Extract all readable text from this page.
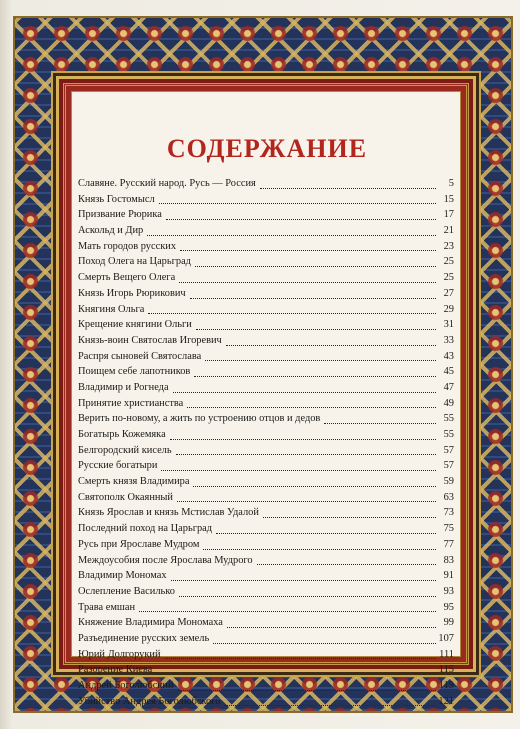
СОДЕРЖАНИЕ
Славяне. Русский народ. Русь — Россия	5
Князь Гостомысл	15
Призвание Рюрика	17
Аскольд и Дир	21
Мать городов русских	23
Поход Олега на Царьград	25
Смерть Вещего Олега	25
Князь Игорь Рюрикович	27
Княгиня Ольга	29
Крещение княгини Ольги	31
Князь-воин Святослав Игоревич	33
Распря сыновей Святослава	43
Поищем себе лапотников	45
Владимир и Рогнеда	47
Принятие христианства	49
Верить по-новому, а жить по устроению отцов и дедов	55
Богатырь Кожемяка	55
Белгородский кисель	57
Русские богатыри	57
Смерть князя Владимира	59
Святополк Окаянный	63
Князь Ярослав и князь Мстислав Удалой	73
Последний поход на Царьград	75
Русь при Ярославе Мудром	77
Междоусобия после Ярослава Мудрого	83
Владимир Мономах	91
Ослепление Василько	93
Трава емшан	95
Княжение Владимира Мономаха	99
Разъединение русских земель	107
Юрий Долгорукий	111
Разорение Киева	115
Андрей Боголюбский	119
Убийство Андрея Боголюбского	121
